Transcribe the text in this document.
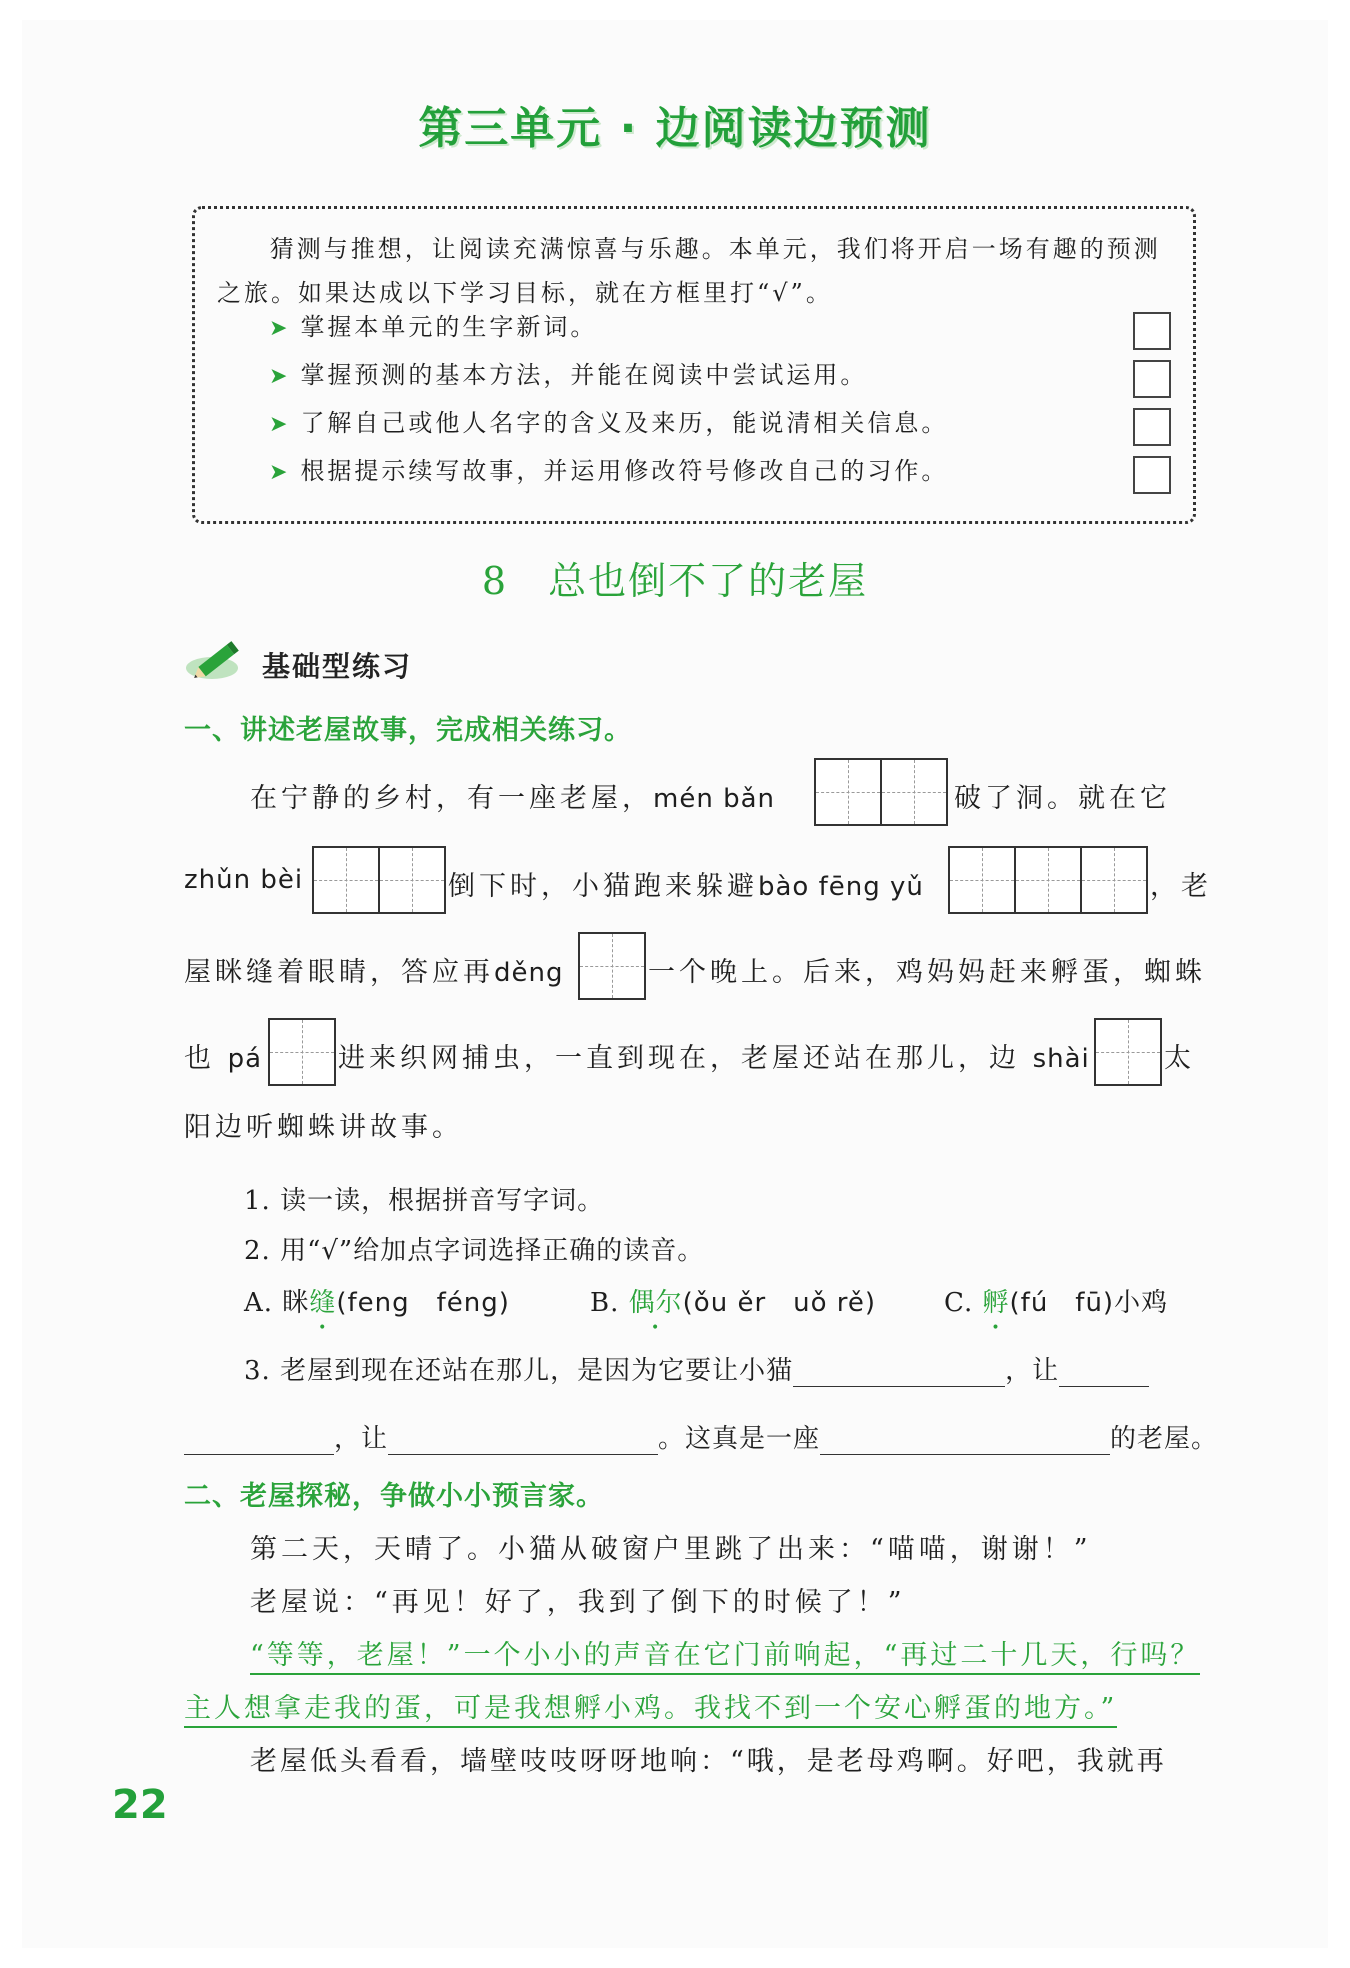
第三单元 · 边阅读边预测
猜测与推想，让阅读充满惊喜与乐趣。本单元，我们将开启一场有趣的预测之旅。如果达成以下学习目标，就在方框里打“√”。
➤ 掌握本单元的生字新词。
➤ 掌握预测的基本方法，并能在阅读中尝试运用。
➤ 了解自己或他人名字的含义及来历，能说清相关信息。
➤ 根据提示续写故事，并运用修改符号修改自己的习作。
8 总也倒不了的老屋
基础型练习
一、讲述老屋故事，完成相关练习。
在宁静的乡村，有一座老屋，mén bǎn	破了洞。就在它
zhǔn bèi	倒下时，小猫跑来躲避bào fēng yǔ	，老
屋眯缝着眼睛，答应再děng	一个晚上。后来，鸡妈妈赶来孵蛋，蜘蛛
也 pá	进来织网捕虫，一直到现在，老屋还站在那儿，边 shài	太
阳边听蜘蛛讲故事。
1. 读一读，根据拼音写字词。
2. 用“√”给加点字词选择正确的读音。
A. 眯缝(feng　féng)	B. 偶尔(ǒu ěr　uǒ rě)	C. 孵(fú　fū)小鸡
3. 老屋到现在还站在那儿，是因为它要让小猫	，让
，让	。这真是一座	的老屋。
二、老屋探秘，争做小小预言家。
第二天，天晴了。小猫从破窗户里跳了出来：“喵喵，谢谢！”
老屋说：“再见！好了，我到了倒下的时候了！”
“等等，老屋！”一个小小的声音在它门前响起，“再过二十几天，行吗？
主人想拿走我的蛋，可是我想孵小鸡。我找不到一个安心孵蛋的地方。”
老屋低头看看，墙壁吱吱呀呀地响：“哦，是老母鸡啊。好吧，我就再
22
